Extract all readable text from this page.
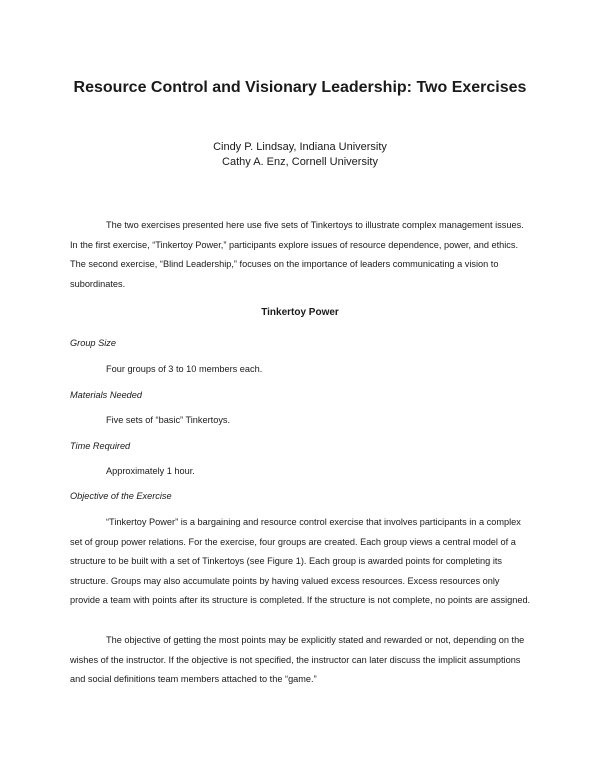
Resource Control and Visionary Leadership: Two Exercises
Cindy P. Lindsay, Indiana University
Cathy A. Enz, Cornell University

The two exercises presented here use five sets of Tinkertoys to illustrate complex management issues. In the first exercise, “Tinkertoy Power,” participants explore issues of resource dependence, power, and ethics. The second exercise, “Blind Leadership,” focuses on the importance of leaders communicating a vision to subordinates.

Tinkertoy Power
Group Size
Four groups of 3 to 10 members each.
Materials Needed
Five sets of “basic” Tinkertoys.
Time Required
Approximately 1 hour.
Objective of the Exercise

“Tinkertoy Power” is a bargaining and resource control exercise that involves participants in a complex set of group power relations. For the exercise, four groups are created. Each group views a central model of a structure to be built with a set of Tinkertoys (see Figure 1). Each group is awarded points for completing its structure. Groups may also accumulate points by having valued excess resources. Excess resources only provide a team with points after its structure is completed. If the structure is not complete, no points are assigned.

The objective of getting the most points may be explicitly stated and rewarded or not, depending on the wishes of the instructor. If the objective is not specified, the instructor can later discuss the implicit assumptions and social definitions team members attached to the “game.”
